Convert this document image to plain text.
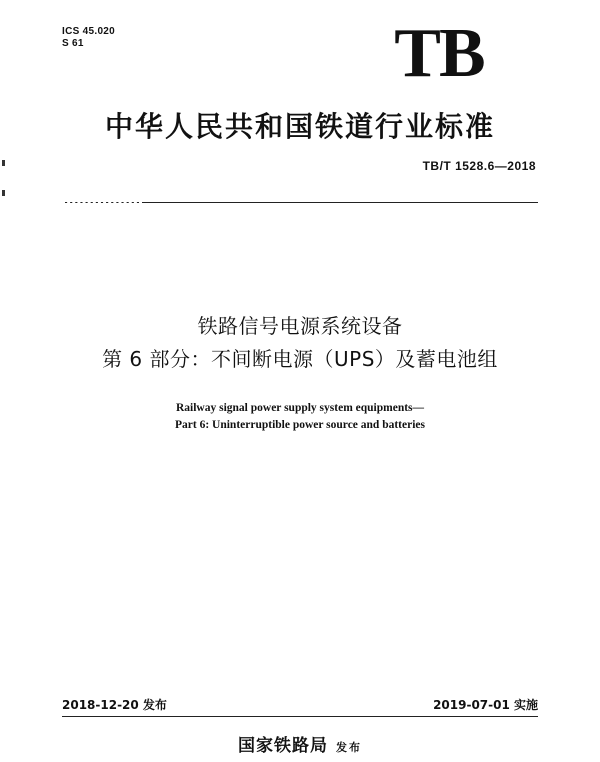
ICS 45.020
S 61	TB
中华人民共和国铁道行业标准
TB/T 1528.6—2018
铁路信号电源系统设备
第 6 部分：不间断电源（UPS）及蓄电池组
Railway signal power supply system equipments—
Part 6: Uninterruptible power source and batteries
2018-12-20 发布	2019-07-01 实施
国家铁路局 发布
